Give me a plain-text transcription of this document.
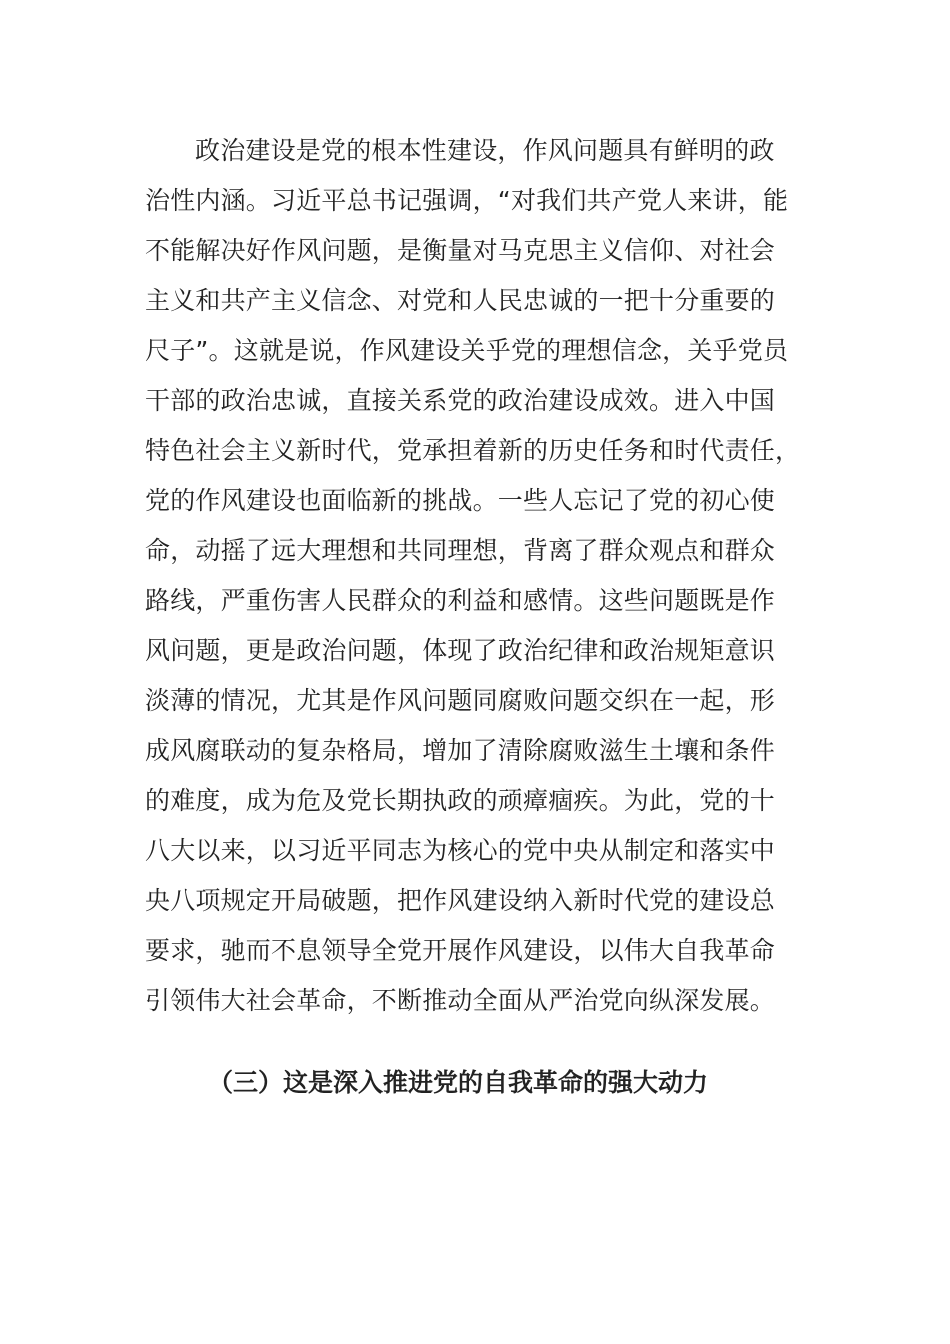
政治建设是党的根本性建设，作风问题具有鲜明的政
治性内涵。习近平总书记强调，“对我们共产党人来讲，能
不能解决好作风问题，是衡量对马克思主义信仰、对社会
主义和共产主义信念、对党和人民忠诚的一把十分重要的
尺子”。这就是说，作风建设关乎党的理想信念，关乎党员
干部的政治忠诚，直接关系党的政治建设成效。进入中国
特色社会主义新时代，党承担着新的历史任务和时代责任，
党的作风建设也面临新的挑战。一些人忘记了党的初心使
命，动摇了远大理想和共同理想，背离了群众观点和群众
路线，严重伤害人民群众的利益和感情。这些问题既是作
风问题，更是政治问题，体现了政治纪律和政治规矩意识
淡薄的情况，尤其是作风问题同腐败问题交织在一起，形
成风腐联动的复杂格局，增加了清除腐败滋生土壤和条件
的难度，成为危及党长期执政的顽瘴痼疾。为此，党的十
八大以来，以习近平同志为核心的党中央从制定和落实中
央八项规定开局破题，把作风建设纳入新时代党的建设总
要求，驰而不息领导全党开展作风建设，以伟大自我革命
引领伟大社会革命，不断推动全面从严治党向纵深发展。
（三）这是深入推进党的自我革命的强大动力
